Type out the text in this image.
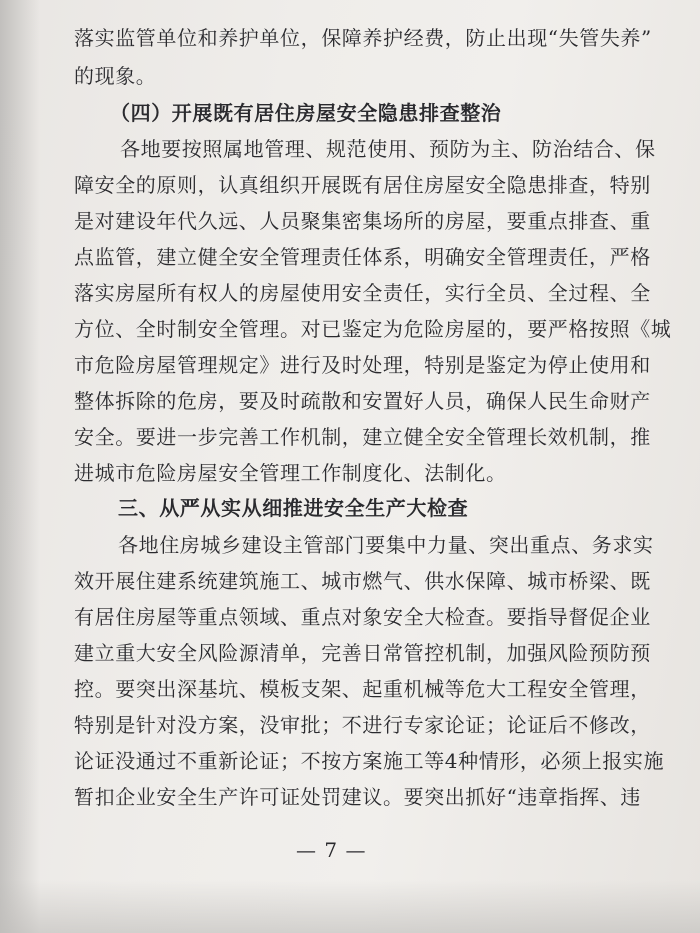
落实监管单位和养护单位，保障养护经费，防止出现“失管失养”
的现象。
（四）开展既有居住房屋安全隐患排查整治
各地要按照属地管理、规范使用、预防为主、防治结合、保
障安全的原则，认真组织开展既有居住房屋安全隐患排查，特别
是对建设年代久远、人员聚集密集场所的房屋，要重点排查、重
点监管，建立健全安全管理责任体系，明确安全管理责任，严格
落实房屋所有权人的房屋使用安全责任，实行全员、全过程、全
方位、全时制安全管理。对已鉴定为危险房屋的，要严格按照《城
市危险房屋管理规定》进行及时处理，特别是鉴定为停止使用和
整体拆除的危房，要及时疏散和安置好人员，确保人民生命财产
安全。要进一步完善工作机制，建立健全安全管理长效机制，推
进城市危险房屋安全管理工作制度化、法制化。
三、从严从实从细推进安全生产大检查
各地住房城乡建设主管部门要集中力量、突出重点、务求实
效开展住建系统建筑施工、城市燃气、供水保障、城市桥梁、既
有居住房屋等重点领域、重点对象安全大检查。要指导督促企业
建立重大安全风险源清单，完善日常管控机制，加强风险预防预
控。要突出深基坑、模板支架、起重机械等危大工程安全管理，
特别是针对没方案，没审批；不进行专家论证；论证后不修改，
论证没通过不重新论证；不按方案施工等4种情形，必须上报实施
暂扣企业安全生产许可证处罚建议。要突出抓好“违章指挥、违
— 7 —
